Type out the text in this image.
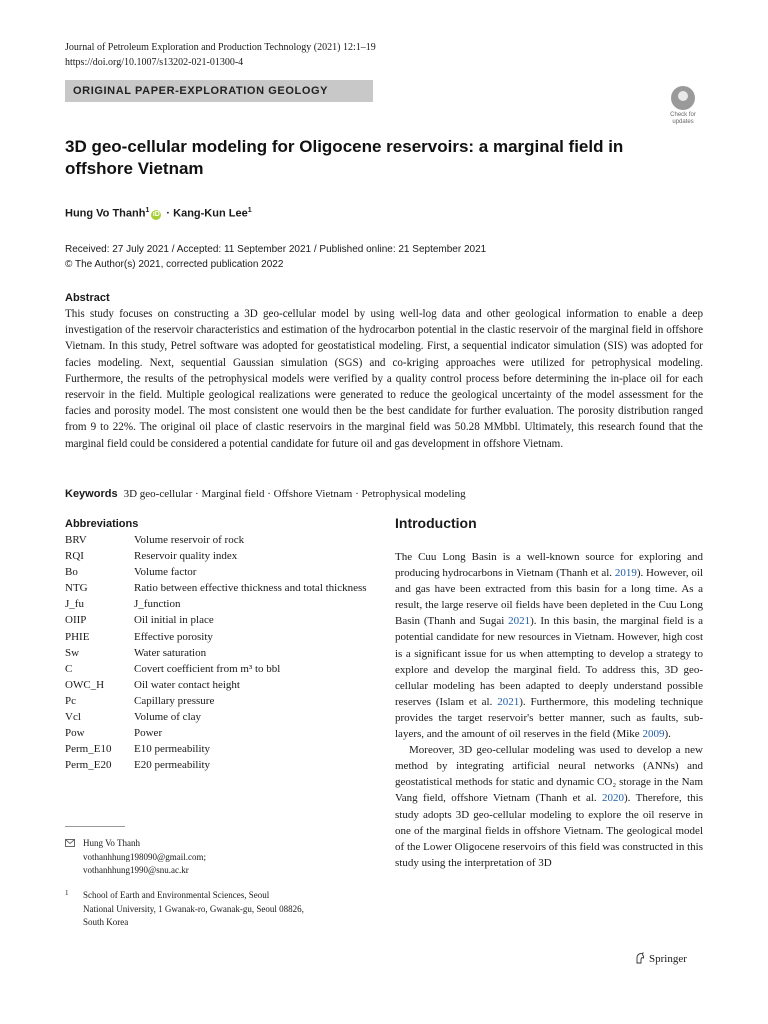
Journal of Petroleum Exploration and Production Technology (2021) 12:1–19
https://doi.org/10.1007/s13202-021-01300-4
ORIGINAL PAPER-EXPLORATION GEOLOGY
Check for
updates
3D geo-cellular modeling for Oligocene reservoirs: a marginal field in offshore Vietnam
Hung Vo Thanh$^1$iD · Kang-Kun Lee$^1$
Received: 27 July 2021 / Accepted: 11 September 2021 / Published online: 21 September 2021
© The Author(s) 2021, corrected publication 2022
Abstract
This study focuses on constructing a 3D geo-cellular model by using well-log data and other geological information to enable a deep investigation of the reservoir characteristics and estimation of the hydrocarbon potential in the clastic reservoir of the marginal field in offshore Vietnam. In this study, Petrel software was adopted for geostatistical modeling. First, a sequential indicator simulation (SIS) was adopted for facies modeling. Next, sequential Gaussian simulation (SGS) and co-kriging approaches were utilized for petrophysical modeling. Furthermore, the results of the petrophysical models were verified by a quality control process before determining the in-place oil for each reservoir in the field. Multiple geological realizations were generated to reduce the geological uncertainty of the model assessment for the facies and porosity model. The most consistent one would then be the best candidate for further evaluation. The porosity distribution ranged from 9 to 22%. The original oil place of clastic reservoirs in the marginal field was 50.28 MMbbl. Ultimately, this research found that the marginal field could be considered a potential candidate for future oil and gas development in offshore Vietnam.
Keywords 3D geo-cellular · Marginal field · Offshore Vietnam · Petrophysical modeling
Abbreviations
BRV	Volume reservoir of rock
RQI	Reservoir quality index
Bo	Volume factor
NTG	Ratio between effective thickness and total thickness
J_fu	J_function
OIIP	Oil initial in place
PHIE	Effective porosity
Sw	Water saturation
C	Covert coefficient from m³ to bbl
OWC_H	Oil water contact height
Pc	Capillary pressure
Vcl	Volume of clay
Pow	Power
Perm_E10	E10 permeability
Perm_E20	E20 permeability
Hung Vo Thanh
vothanhhung198090@gmail.com;
vothanhhung1990@snu.ac.kr
1 School of Earth and Environmental Sciences, Seoul
National University, 1 Gwanak-ro, Gwanak-gu, Seoul 08826,
South Korea
Introduction

The Cuu Long Basin is a well-known source for exploring and producing hydrocarbons in Vietnam (Thanh et al. 2019). However, oil and gas have been extracted from this basin for a long time. As a result, the large reserve oil fields have been depleted in the Cuu Long Basin (Thanh and Sugai 2021). In this basin, the marginal field is a potential candidate for new resources in Vietnam. However, high cost is a significant issue for us when attempting to develop a strategy to explore and develop the marginal field. To address this, 3D geo-cellular modeling has been adapted to deeply understand possible reserves (Islam et al. 2021). Furthermore, this modeling technique provides the target reservoir's better manner, such as faults, sub-layers, and the amount of oil reserves in the field (Mike 2009).

Moreover, 3D geo-cellular modeling was used to develop a new method by integrating artificial neural networks (ANNs) and geostatistical methods for static and dynamic CO₂ storage in the Nam Vang field, offshore Vietnam (Thanh et al. 2020). Therefore, this study adopts 3D geo-cellular modeling to explore the oil reserve in one of the marginal fields in offshore Vietnam. The geological model of the Lower Oligocene reservoirs of this field was constructed in this study using the interpretation of 3D

Springer
